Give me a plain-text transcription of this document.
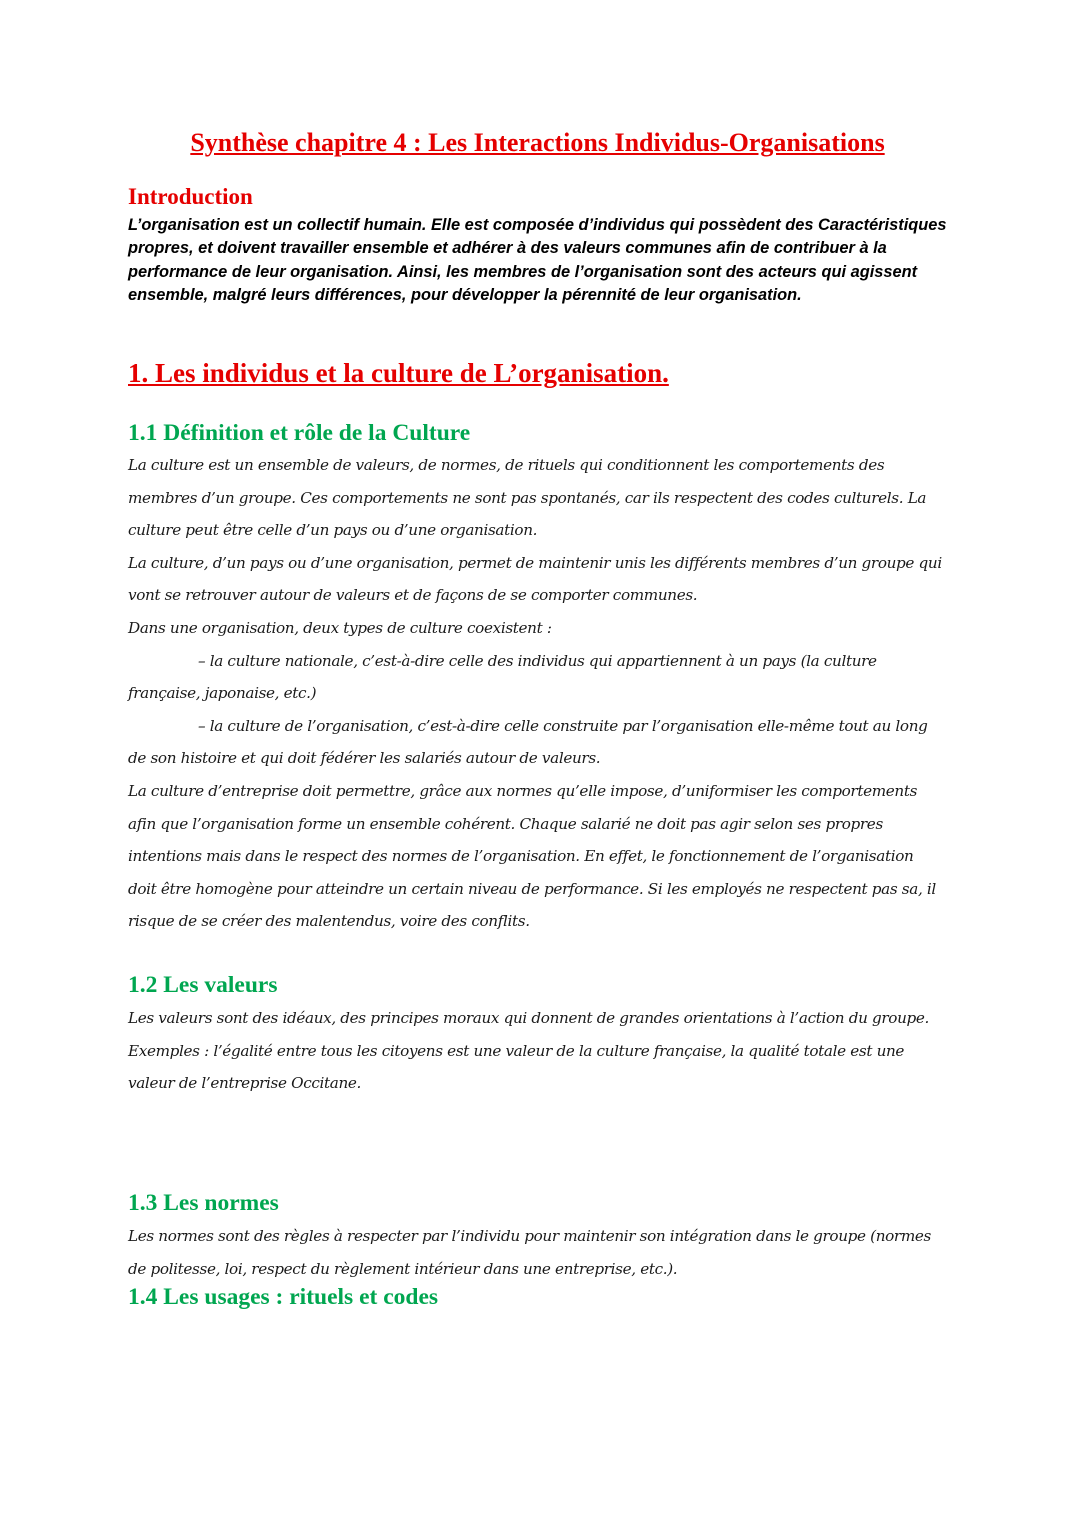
Synthèse chapitre 4 : Les Interactions Individus-Organisations
Introduction

L’organisation est un collectif humain. Elle est composée d’individus qui possèdent des Caractéristiques propres, et doivent travailler ensemble et adhérer à des valeurs communes afin de contribuer à la performance de leur organisation. Ainsi, les membres de l’organisation sont des acteurs qui agissent ensemble, malgré leurs différences, pour développer la pérennité de leur organisation.

1. Les individus et la culture de L’organisation.
1.1 Définition et rôle de la Culture

La culture est un ensemble de valeurs, de normes, de rituels qui conditionnent les comportements des membres d’un groupe. Ces comportements ne sont pas spontanés, car ils respectent des codes culturels. La culture peut être celle d’un pays ou d’une organisation.

La culture, d’un pays ou d’une organisation, permet de maintenir unis les différents membres d’un groupe qui vont se retrouver autour de valeurs et de façons de se comporter communes.

Dans une organisation, deux types de culture coexistent :

– la culture nationale, c’est-à-dire celle des individus qui appartiennent à un pays (la culture française, japonaise, etc.)

– la culture de l’organisation, c’est-à-dire celle construite par l’organisation elle-même tout au long de son histoire et qui doit fédérer les salariés autour de valeurs.

La culture d’entreprise doit permettre, grâce aux normes qu’elle impose, d’uniformiser les comportements afin que l’organisation forme un ensemble cohérent. Chaque salarié ne doit pas agir selon ses propres intentions mais dans le respect des normes de l’organisation. En effet, le fonctionnement de l’organisation doit être homogène pour atteindre un certain niveau de performance. Si les employés ne respectent pas sa, il risque de se créer des malentendus, voire des conflits.

1.2 Les valeurs

Les valeurs sont des idéaux, des principes moraux qui donnent de grandes orientations à l’action du groupe. Exemples : l’égalité entre tous les citoyens est une valeur de la culture française, la qualité totale est une valeur de l’entreprise Occitane.

1.3 Les normes

Les normes sont des règles à respecter par l’individu pour maintenir son intégration dans le groupe (normes de politesse, loi, respect du règlement intérieur dans une entreprise, etc.).

1.4 Les usages : rituels et codes
